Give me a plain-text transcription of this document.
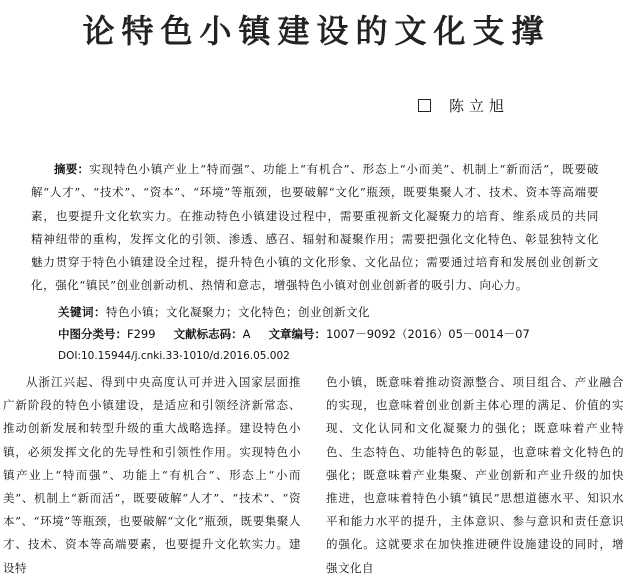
论特色小镇建设的文化支撑
陈立旭
摘要：实现特色小镇产业上“特而强”、功能上“有机合”、形态上“小而美”、机制上“新而活”，既要破解“人才”、“技术”、“资本”、“环境”等瓶颈，也要破解“文化”瓶颈，既要集聚人才、技术、资本等高端要素，也要提升文化软实力。在推动特色小镇建设过程中，需要重视新文化凝聚力的培育、维系成员的共同精神纽带的重构，发挥文化的引领、渗透、感召、辐射和凝聚作用；需要把强化文化特色、彰显独特文化魅力贯穿于特色小镇建设全过程，提升特色小镇的文化形象、文化品位；需要通过培育和发展创业创新文化，强化“镇民”创业创新动机、热情和意志，增强特色小镇对创业创新者的吸引力、向心力。
关键词：特色小镇；文化凝聚力；文化特色；创业创新文化
中图分类号：F299 文献标志码：A 文章编号：1007－9092（2016）05－0014－07
DOI:10.15944/j.cnki.33-1010/d.2016.05.002
从浙江兴起、得到中央高度认可并进入国家层面推广新阶段的特色小镇建设，是适应和引领经济新常态、推动创新发展和转型升级的重大战略选择。建设特色小镇，必须发挥文化的先导性和引领性作用。实现特色小镇产业上“特而强”、功能上“有机合”、形态上“小而美”、机制上“新而活”，既要破解“人才”、“技术”、“资本”、“环境”等瓶颈，也要破解“文化”瓶颈，既要集聚人才、技术、资本等高端要素，也要提升文化软实力。建设特
色小镇，既意味着推动资源整合、项目组合、产业融合的实现，也意味着创业创新主体心理的满足、价值的实现、文化认同和文化凝聚力的强化；既意味着产业特色、生态特色、功能特色的彰显，也意味着文化特色的强化；既意味着产业集聚、产业创新和产业升级的加快推进，也意味着特色小镇“镇民”思想道德水平、知识水平和能力水平的提升，主体意识、参与意识和责任意识的强化。这就要求在加快推进硬件设施建设的同时，增强文化自
